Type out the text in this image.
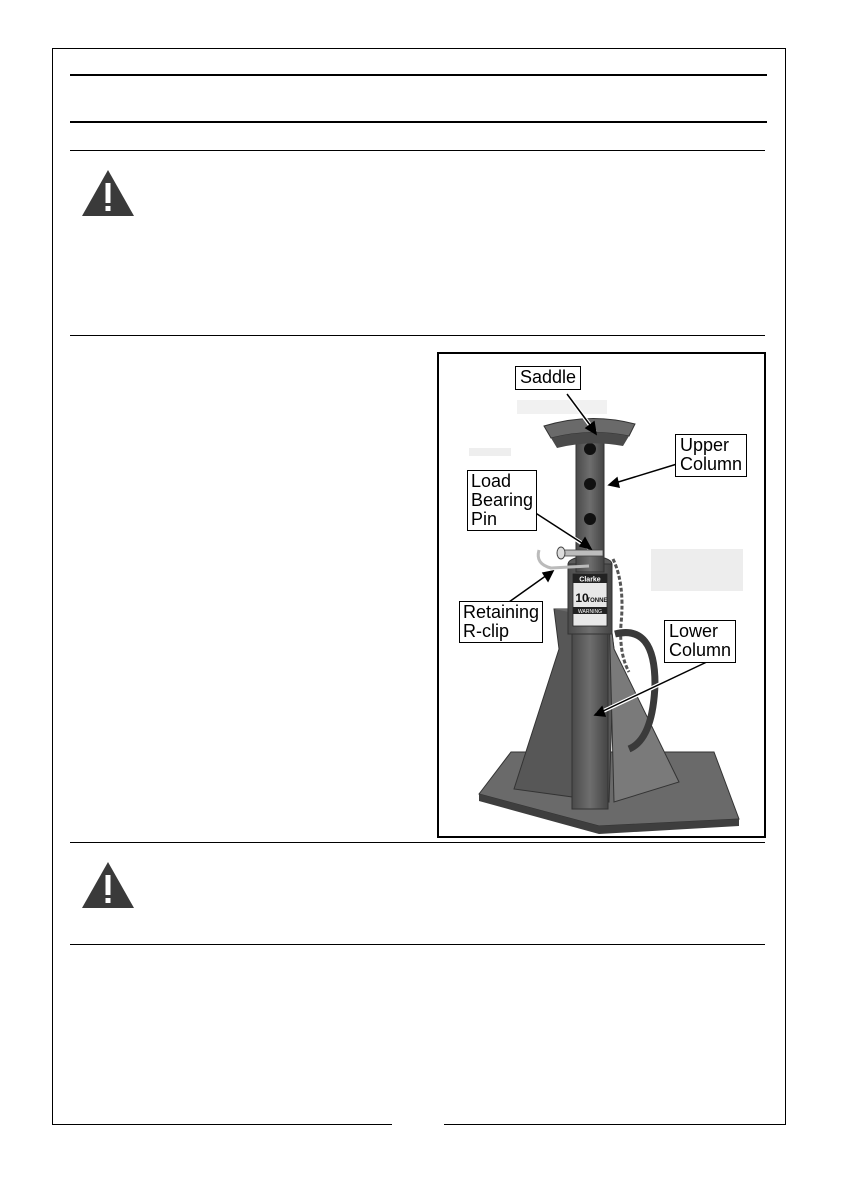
Clarke
10
TONNE
WARNING
Saddle
Upper
Column
Load
Bearing
Pin
Retaining
R-clip	Lower
Column
